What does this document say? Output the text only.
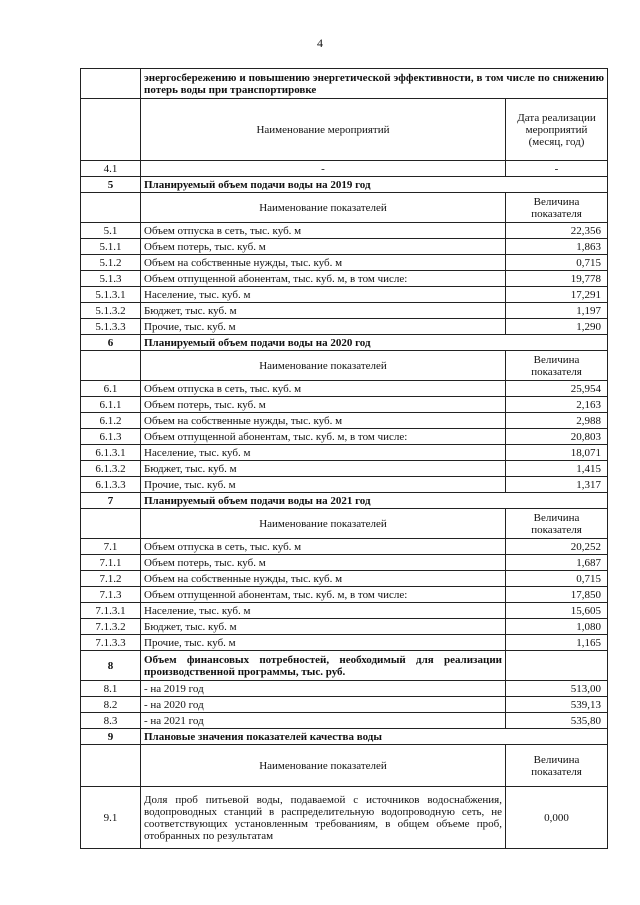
4
	энергосбережению и повышению энергетической эффективности, в том числе по снижению потерь воды при транспортировке	
	Наименование мероприятий	Дата реализации мероприятий (месяц, год)
4.1	-	-
5	Планируемый объем подачи воды на 2019 год	
	Наименование показателей	Величина показателя
5.1	Объем отпуска в сеть, тыс. куб. м	22,356
5.1.1	Объем потерь, тыс. куб. м	1,863
5.1.2	Объем на собственные нужды, тыс. куб. м	0,715
5.1.3	Объем отпущенной абонентам, тыс. куб. м, в том числе:	19,778
5.1.3.1	Население, тыс. куб. м	17,291
5.1.3.2	Бюджет, тыс. куб. м	1,197
5.1.3.3	Прочие, тыс. куб. м	1,290
6	Планируемый объем подачи воды на 2020 год	
	Наименование показателей	Величина показателя
6.1	Объем отпуска в сеть, тыс. куб. м	25,954
6.1.1	Объем потерь, тыс. куб. м	2,163
6.1.2	Объем на собственные нужды, тыс. куб. м	2,988
6.1.3	Объем отпущенной абонентам, тыс. куб. м, в том числе:	20,803
6.1.3.1	Население, тыс. куб. м	18,071
6.1.3.2	Бюджет, тыс. куб. м	1,415
6.1.3.3	Прочие, тыс. куб. м	1,317
7	Планируемый объем подачи воды на 2021 год	
	Наименование показателей	Величина показателя
7.1	Объем отпуска в сеть, тыс. куб. м	20,252
7.1.1	Объем потерь, тыс. куб. м	1,687
7.1.2	Объем на собственные нужды, тыс. куб. м	0,715
7.1.3	Объем отпущенной абонентам, тыс. куб. м, в том числе:	17,850
7.1.3.1	Население, тыс. куб. м	15,605
7.1.3.2	Бюджет, тыс. куб. м	1,080
7.1.3.3	Прочие, тыс. куб. м	1,165
8	Объем финансовых потребностей, необходимый для реализации производственной программы, тыс. руб.	
8.1	- на 2019 год	513,00
8.2	- на 2020 год	539,13
8.3	- на 2021 год	535,80
9	Плановые значения показателей качества воды	
	Наименование показателей	Величина показателя
9.1	Доля проб питьевой воды, подаваемой с источников водоснабжения, водопроводных станций в распределительную водопроводную сеть, не соответствующих установленным требованиям, в общем объеме проб, отобранных по результатам	0,000
